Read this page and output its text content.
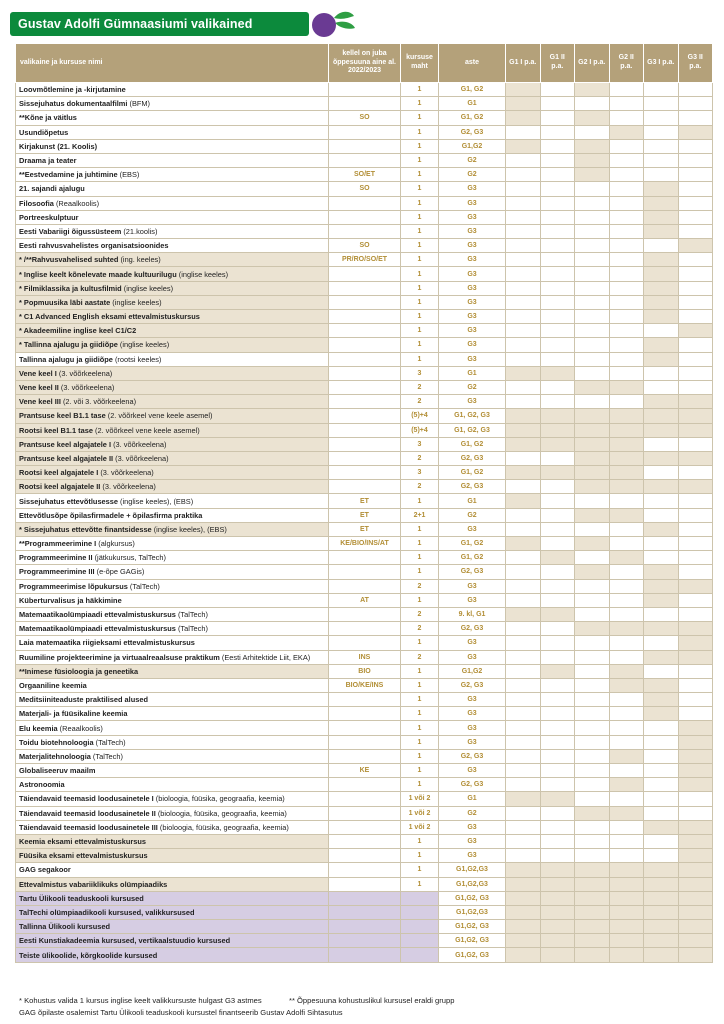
Gustav Adolfi Gümnaasiumi valikained
valikaine ja kursuse nimi	kellel on juba õppesuuna aine al. 2022/2023	kursuse maht	aste	G1 I p.a.	G1 II p.a.	G2 I p.a.	G2 II p.a.	G3 I p.a.	G3 II p.a.
Loovmõtlemine ja -kirjutamine		1	G1, G2						
Sissejuhatus dokumentaalfilmi (BFM)		1	G1						
**Kõne ja väitlus	SO	1	G1, G2						
Usundiõpetus		1	G2, G3						
Kirjakunst (21. Koolis)		1	G1,G2						
Draama ja teater		1	G2						
**Eestvedamine ja juhtimine (EBS)	SO/ET	1	G2						
21. sajandi ajalugu	SO	1	G3						
Filosoofia (Reaalkoolis)		1	G3						
Portreeskulptuur		1	G3						
Eesti Vabariigi õigussüsteem (21.koolis)		1	G3						
Eesti rahvusvahelistes organisatsioonides	SO	1	G3						
* /**Rahvusvahelised suhted (ing. keeles)	PR/RO/SO/ET	1	G3						
* Inglise keelt kõnelevate maade kultuurilugu (inglise keeles)		1	G3						
* Filmiklassika ja kultusfilmid (inglise keeles)		1	G3						
* Popmuusika läbi aastate (inglise keeles)		1	G3						
* C1 Advanced English eksami ettevalmistuskursus		1	G3						
* Akadeemiline inglise keel C1/C2		1	G3						
* Tallinna ajalugu ja giidiõpe (inglise keeles)		1	G3						
Tallinna ajalugu ja giidiõpe (rootsi keeles)		1	G3						
Vene keel I (3. võõrkeelena)		3	G1						
Vene keel II (3. võõrkeelena)		2	G2						
Vene keel III (2. või 3. võõrkeelena)		2	G3						
Prantsuse keel B1.1 tase (2. võõrkeel vene keele asemel)		(5)+4	G1, G2, G3						
Rootsi keel B1.1 tase (2. võõrkeel vene keele asemel)		(5)+4	G1, G2, G3						
Prantsuse keel algajatele I (3. võõrkeelena)		3	G1, G2						
Prantsuse keel algajatele II (3. võõrkeelena)		2	G2, G3						
Rootsi keel algajatele I (3. võõrkeelena)		3	G1, G2						
Rootsi keel algajatele II (3. võõrkeelena)		2	G2, G3						
Sissejuhatus ettevõtlusesse (inglise keeles), (EBS)	ET	1	G1						
Ettevõtlusõpe õpilasfirmadele + õpilasfirma praktika	ET	2+1	G2						
* Sissejuhatus ettevõtte finantsidesse (inglise keeles), (EBS)	ET	1	G3						
**Programmeerimine I (algkursus)	KE/BIO/INS/AT	1	G1, G2						
Programmeerimine II (jätkukursus, TalTech)		1	G1, G2						
Programmeerimine III (e-õpe GAGis)		1	G2, G3						
Programmeerimise lõpukursus (TalTech)		2	G3						
Küberturvalisus ja häkkimine	AT	1	G3						
Matemaatikaolümpiaadi ettevalmistuskursus (TalTech)		2	9. kl, G1						
Matemaatikaolümpiaadi ettevalmistuskursus (TalTech)		2	G2, G3						
Laia matemaatika riigieksami ettevalmistuskursus		1	G3						
Ruumiline projekteerimine ja virtuaalreaalsuse praktikum (Eesti Arhitektide Liit, EKA)	INS	2	G3						
**Inimese füsioloogia ja geneetika	BIO	1	G1,G2						
Orgaaniline keemia	BIO/KE/INS	1	G2, G3						
Meditsiiniteaduste praktilised alused		1	G3						
Materjali- ja füüsikaline keemia		1	G3						
Elu keemia (Reaalkoolis)		1	G3						
Toidu biotehnoloogia (TalTech)		1	G3						
Materjalitehnoloogia (TalTech)		1	G2, G3						
Globaliseeruv maailm	KE	1	G3						
Astronoomia		1	G2, G3						
Täiendavaid teemasid loodusainetele I (bioloogia, füüsika, geograafia, keemia)		1 või 2	G1						
Täiendavaid teemasid loodusainetele II (bioloogia, füüsika, geograafia, keemia)		1 või 2	G2						
Täiendavaid teemasid loodusainetele III (bioloogia, füüsika, geograafia, keemia)		1 või 2	G3						
Keemia eksami ettevalmistuskursus		1	G3						
Füüsika eksami ettevalmistuskursus		1	G3						
GAG segakoor		1	G1,G2,G3						
Ettevalmistus vabariiklikuks olümpiaadiks		1	G1,G2,G3						
Tartu Ülikooli teaduskooli kursused			G1,G2, G3						
TalTechi olümpiaadikooli kursused, valikkursused			G1,G2,G3						
Tallinna Ülikooli kursused			G1,G2, G3						
Eesti Kunstiakadeemia kursused, vertikaalstuudio kursused			G1,G2, G3						
Teiste ülikoolide, kõrgkoolide kursused			G1,G2, G3						
* Kohustus valida 1 kursus inglise keelt valikkursuste hulgast G3 astmes	** Õppesuuna kohustuslikul kursusel eraldi grupp
GAG õpilaste osalemist Tartu Ülikooli teaduskooli kursustel finantseerib Gustav Adolfi Sihtasutus
